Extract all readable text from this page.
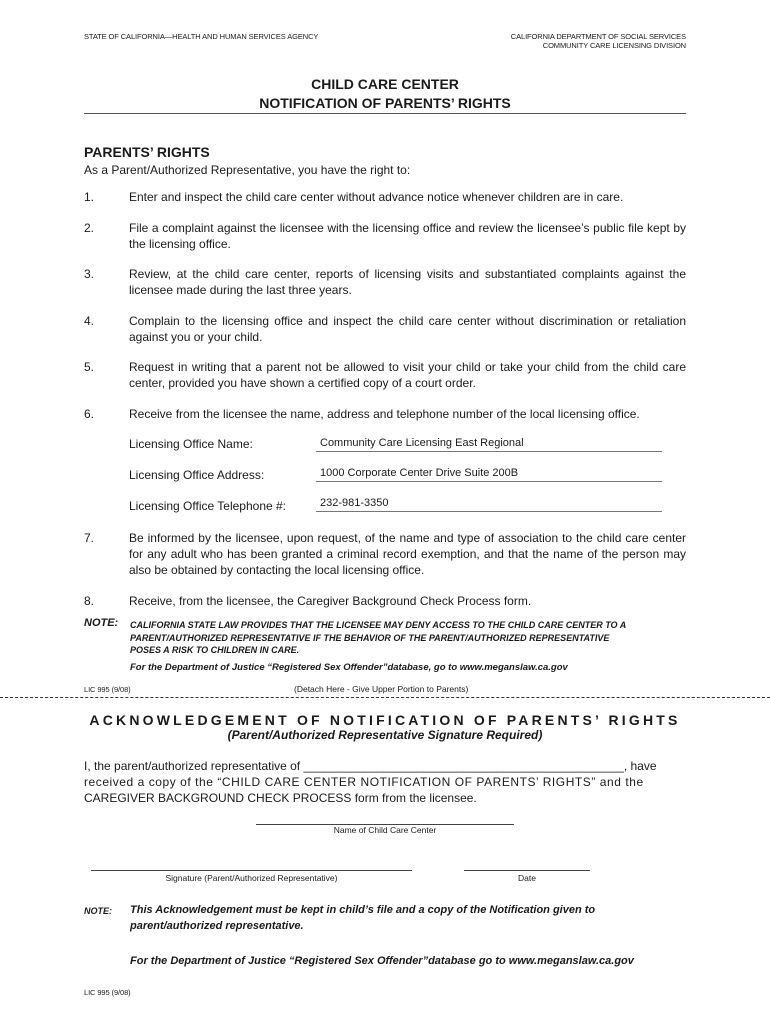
STATE OF CALIFORNIA—HEALTH AND HUMAN SERVICES AGENCY	CALIFORNIA DEPARTMENT OF SOCIAL SERVICES
COMMUNITY CARE LICENSING DIVISION
CHILD CARE CENTER
NOTIFICATION OF PARENTS’ RIGHTS
PARENTS’ RIGHTS
As a Parent/Authorized Representative, you have the right to:
1.	Enter and inspect the child care center without advance notice whenever children are in care.
2.	File a complaint against the licensee with the licensing office and review the licensee’s public file kept by the licensing office.
3.	Review, at the child care center, reports of licensing visits and substantiated complaints against the licensee made during the last three years.
4.	Complain to the licensing office and inspect the child care center without discrimination or retaliation against you or your child.
5.	Request in writing that a parent not be allowed to visit your child or take your child from the child care center, provided you have shown a certified copy of a court order.
6.	Receive from the licensee the name, address and telephone number of the local licensing office.
Licensing Office Name:	Community Care Licensing East Regional
Licensing Office Address:	1000 Corporate Center Drive Suite 200B
Licensing Office Telephone #:	232-981-3350
7.	Be informed by the licensee, upon request, of the name and type of association to the child care center for any adult who has been granted a criminal record exemption, and that the name of the person may also be obtained by contacting the local licensing office.
8.	Receive, from the licensee, the Caregiver Background Check Process form.
NOTE: CALIFORNIA STATE LAW PROVIDES THAT THE LICENSEE MAY DENY ACCESS TO THE CHILD CARE CENTER TO A
PARENT/AUTHORIZED REPRESENTATIVE IF THE BEHAVIOR OF THE PARENT/AUTHORIZED REPRESENTATIVE
POSES A RISK TO CHILDREN IN CARE.
For the Department of Justice “Registered Sex Offender”database, go to www.meganslaw.ca.gov
LIC 995 (9/08)	(Detach Here - Give Upper Portion to Parents)
ACKNOWLEDGEMENT OF NOTIFICATION OF PARENTS’ RIGHTS
(Parent/Authorized Representative Signature Required)
I, the parent/authorized representative of ________________________________________________, have
received a copy of the “CHILD CARE CENTER NOTIFICATION OF PARENTS’ RIGHTS” and the
CAREGIVER BACKGROUND CHECK PROCESS form from the licensee.
Name of Child Care Center
Signature (Parent/Authorized Representative)	Date
NOTE: This Acknowledgement must be kept in child’s file and a copy of the Notification given to
parent/authorized representative.
For the Department of Justice “Registered Sex Offender”database go to www.meganslaw.ca.gov
LIC 995 (9/08)
